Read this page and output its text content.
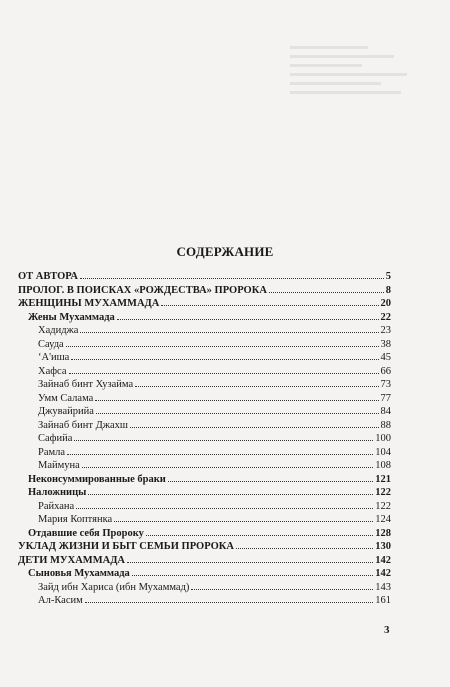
СОДЕРЖАНИЕ
ОТ АВТОРА	5
ПРОЛОГ. В ПОИСКАХ «РОЖДЕСТВА» ПРОРОКА	8
ЖЕНЩИНЫ МУХАММАДА	20
Жены Мухаммада	22
Хадиджа	23
Сауда	38
ʻА'иша	45
Хафса	66
Зайнаб бинт Хузайма	73
Умм Салама	77
Джувайрийа	84
Зайнаб бинт Джахш	88
Сафийа	100
Рамла	104
Маймуна	108
Неконсуммированные браки	121
Наложницы	122
Райхана	122
Мария Коптянка	124
Отдавшие себя Пророку	128
УКЛАД ЖИЗНИ И БЫТ СЕМЬИ ПРОРОКА	130
ДЕТИ МУХАММАДА	142
Сыновья Мухаммада	142
Зайд ибн Хариса (ибн Мухаммад)	143
Ал-Касим	161
3
